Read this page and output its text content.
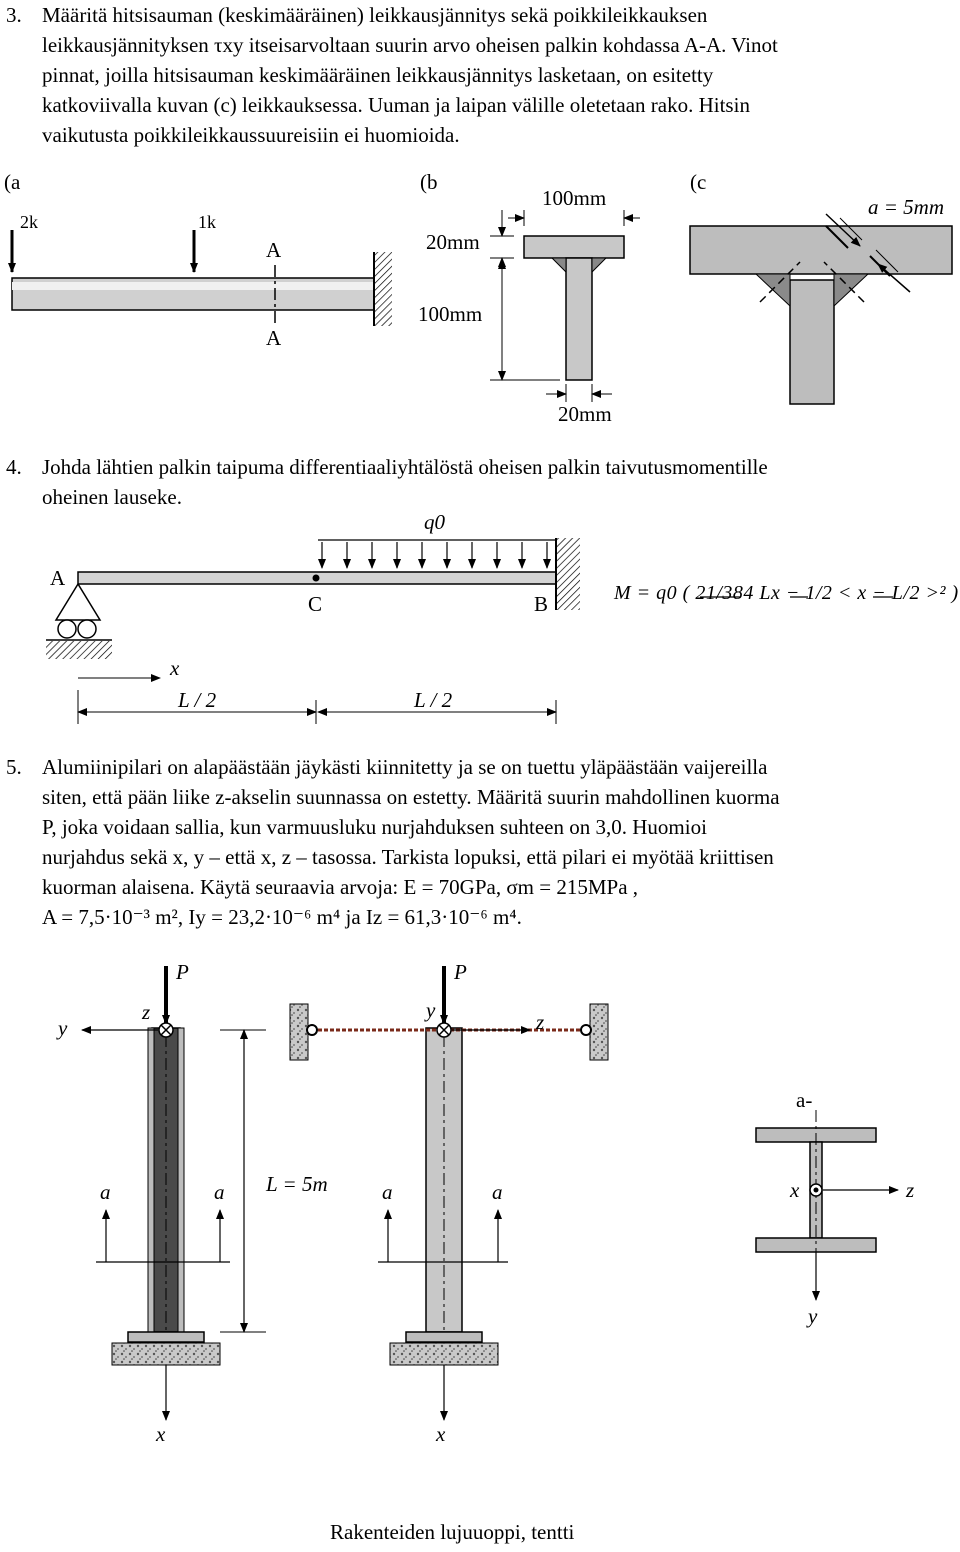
3. Määritä hitsisauman (keskimääräinen) leikkausjännitys sekä poikkileikkauksen
leikkausjännityksen τxy itseisarvoltaan suurin arvo oheisen palkin kohdassa A-A. Vinot
pinnat, joilla hitsisauman keskimääräinen leikkausjännitys lasketaan, on esitetty
katkoviivalla kuvan (c) leikkauksessa. Uuman ja laipan välille oletetaan rako. Hitsin
vaikutusta poikkileikkaussuureisiin ei huomioida.
4. Johda lähtien palkin taipuma differentiaaliyhtälöstä oheisen palkin taivutusmomentille
oheinen lauseke.
5. Alumiinipilari on alapäästään jäykästi kiinnitetty ja se on tuettu yläpäästään vaijereilla
siten, että pään liike z-akselin suunnassa on estetty. Määritä suurin mahdollinen kuorma
P, joka voidaan sallia, kun varmuusluku nurjahduksen suhteen on 3,0. Huomioi
nurjahdus sekä x, y – että x, z – tasossa. Tarkista lopuksi, että pilari ei myötää kriittisen
kuorman alaisena. Käytä seuraavia arvoja: E = 70GPa, σm = 215MPa ,
A = 7,5·10⁻³ m², Iy = 23,2·10⁻⁶ m⁴ ja Iz = 61,3·10⁻⁶ m⁴.
(a	(b	(c
2k	1k
A
A
100mm
20mm
100mm
20mm
a = 5mm
q0
A
C	B
x
L / 2	L / 2
M = q0 ( 21/384 Lx − 1/2 < x − L/2 >² )
P	P
y
z	y	z
a	a	a	a
L = 5m
x	x
a-
x	z
y
Rakenteiden lujuuoppi, tentti
